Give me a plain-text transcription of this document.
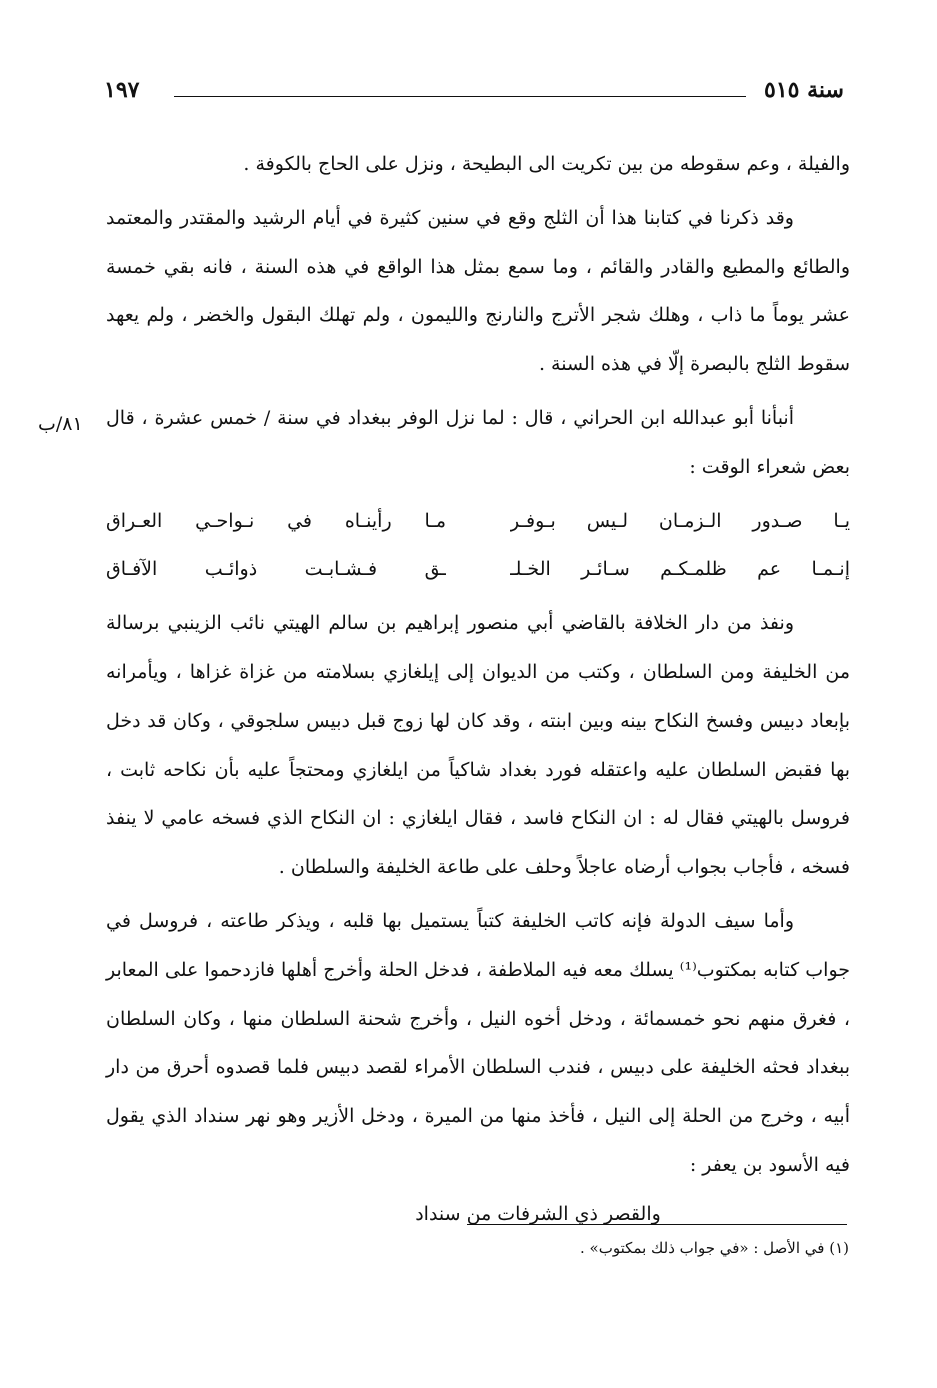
سنة ٥١٥
١٩٧
٨١/ب

والفيلة ، وعم سقوطه من بين تكريت الى البطيحة ، ونزل على الحاج بالكوفة .

وقد ذكرنا في كتابنا هذا أن الثلج وقع في سنين كثيرة في أيام الرشيد والمقتدر والمعتمد والطائع والمطيع والقادر والقائم ، وما سمع بمثل هذا الواقع في هذه السنة ، فانه بقي خمسة عشر يوماً ما ذاب ، وهلك شجر الأترج والنارنج والليمون ، ولم تهلك البقول والخضر ، ولم يعهد سقوط الثلج بالبصرة إلّا في هذه السنة .

أنبأنا أبو عبدالله ابن الحراني ، قال : لما نزل الوفر ببغداد في سنة / خمس عشرة ، قال بعض شعراء الوقت :

يـا صـدور الـزمـان لـيس بـوفـر
مـا رأينـاه في نـواحـي العـراق
إنـمـا عم ظلمـكـم سـائـر الخـلـ
ـق فـشـابـت ذوائـب الآفـاق

ونفذ من دار الخلافة بالقاضي أبي منصور إبراهيم بن سالم الهيتي نائب الزينبي برسالة من الخليفة ومن السلطان ، وكتب من الديوان إلى إيلغازي بسلامته من غزاة غزاها ، ويأمرانه بإبعاد دبيس وفسخ النكاح بينه وبين ابنته ، وقد كان لها زوج قبل دبيس سلجوقي ، وكان قد دخل بها فقبض السلطان عليه واعتقله فورد بغداد شاكياً من ايلغازي ومحتجاً عليه بأن نكاحه ثابت ، فروسل بالهيتي فقال له : ان النكاح فاسد ، فقال ايلغازي : ان النكاح الذي فسخه عامي لا ينفذ فسخه ، فأجاب بجواب أرضاه عاجلاً وحلف على طاعة الخليفة والسلطان .

وأما سيف الدولة فإنه كاتب الخليفة كتباً يستميل بها قلبه ، ويذكر طاعته ، فروسل في جواب كتابه بمكتوب⁽¹⁾ يسلك معه فيه الملاطفة ، فدخل الحلة وأخرج أهلها فازدحموا على المعابر ، فغرق منهم نحو خمسمائة ، ودخل أخوه النيل ، وأخرج شحنة السلطان منها ، وكان السلطان ببغداد فحثه الخليفة على دبيس ، فندب السلطان الأمراء لقصد دبيس فلما قصدوه أحرق من دار أبيه ، وخرج من الحلة إلى النيل ، فأخذ منها من الميرة ، ودخل الأزير وهو نهر سنداد الذي يقول فيه الأسود بن يعفر :

والقصر ذي الشرفات من سنداد

(١) في الأصل : «في جواب ذلك بمكتوب» .
